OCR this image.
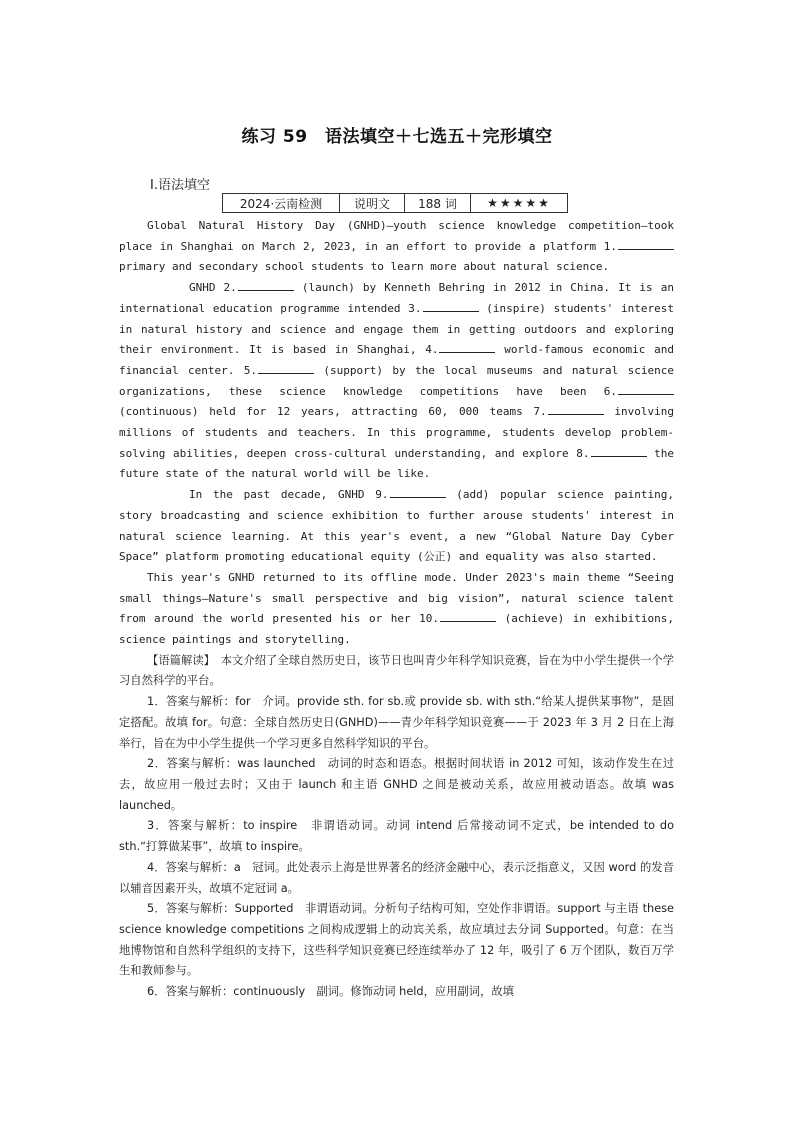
练习 59　语法填空＋七选五＋完形填空
Ⅰ.语法填空
2024·云南检测	说明文	188 词	★★★★★

Global Natural History Day (GNHD)—youth science knowledge competition—took place in Shanghai on March 2, 2023, in an effort to provide a platform 1. primary and secondary school students to learn more about natural science.

GNHD 2.	(launch) by Kenneth Behring in 2012 in China. It is an international education programme intended 3.	(inspire) students' interest in natural history and science and engage them in getting outdoors and exploring their environment. It is based in Shanghai, 4.	world-famous economic and financial center. 5.	(support) by the local museums and natural science organizations, these science knowledge competitions have been 6. (continuous) held for 12 years, attracting 60, 000 teams 7.	involving millions of students and teachers. In this programme, students develop problem-solving abilities, deepen cross-cultural understanding, and explore 8.	the future state of the natural world will be like.

In the past decade, GNHD 9.	(add) popular science painting, story broadcasting and science exhibition to further arouse students' interest in natural science learning. At this year's event, a new “Global Nature Day Cyber Space” platform promoting educational equity (公正) and equality was also started.

This year's GNHD returned to its offline mode. Under 2023's main theme “Seeing small things—Nature's small perspective and big vision”, natural science talent from around the world presented his or her 10.	(achieve) in exhibitions, science paintings and storytelling.

【语篇解读】　本文介绍了全球自然历史日，该节日也叫青少年科学知识竞赛，旨在为中小学生提供一个学习自然科学的平台。

1．答案与解析：for　介词。provide sth. for sb.或 provide sb. with sth.“给某人提供某事物”，是固定搭配。故填 for。句意：全球自然历史日(GNHD)——青少年科学知识竞赛——于 2023 年 3 月 2 日在上海举行，旨在为中小学生提供一个学习更多自然科学知识的平台。

2．答案与解析：was launched　动词的时态和语态。根据时间状语 in 2012 可知，该动作发生在过去，故应用一般过去时；又由于 launch 和主语 GNHD 之间是被动关系，故应用被动语态。故填 was launched。

3．答案与解析：to inspire　非谓语动词。动词 intend 后常接动词不定式，be intended to do sth.“打算做某事”，故填 to inspire。

4．答案与解析：a　冠词。此处表示上海是世界著名的经济金融中心，表示泛指意义，又因 word 的发音以辅音因素开头，故填不定冠词 a。

5．答案与解析：Supported　非谓语动词。分析句子结构可知，空处作非谓语。support 与主语 these science knowledge competitions 之间构成逻辑上的动宾关系，故应填过去分词 Supported。句意：在当地博物馆和自然科学组织的支持下，这些科学知识竞赛已经连续举办了 12 年，吸引了 6 万个团队，数百万学生和教师参与。

6．答案与解析：continuously　副词。修饰动词 held，应用副词，故填
